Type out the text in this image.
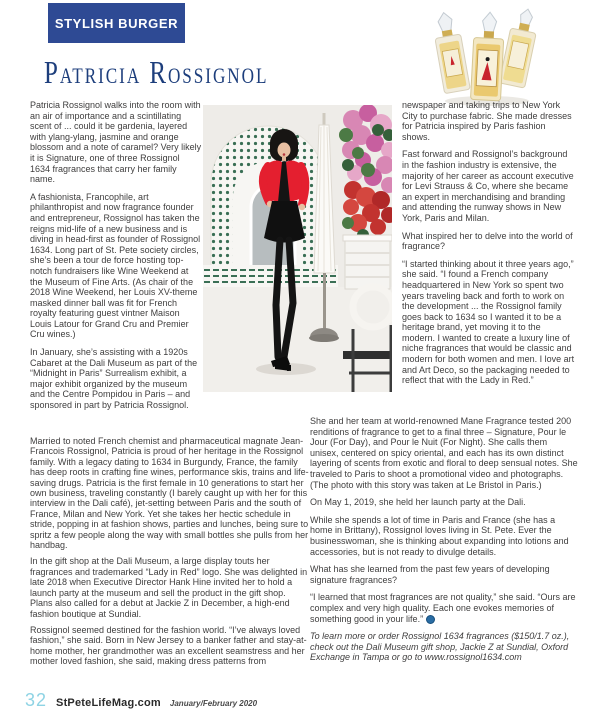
STYLISH BURGER
Patricia Rossignol

Patricia Rossignol walks into the room with an air of importance and a scintillating scent of ... could it be gardenia, layered with ylang-ylang, jasmine and orange blossom and a note of caramel? Very likely it is Signature, one of three Rossignol 1634 fragrances that carry her family name.

A fashionista, Francophile, art philanthropist and now fragrance founder and entrepreneur, Rossignol has taken the reigns mid-life of a new business and is diving in head-first as founder of Rossignol 1634. Long part of St. Pete society circles, she’s been a tour de force hosting top-notch fundraisers like Wine Weekend at the Museum of Fine Arts. (As chair of the 2018 Wine Weekend, her Louis XV-theme masked dinner ball was fit for French royalty featuring guest vintner Maison Louis Latour for Grand Cru and Premier Cru wines.)

In January, she’s assisting with a 1920s Cabaret at the Dali Museum as part of the “Midnight in Paris” Surrealism exhibit, a major exhibit organized by the museum and the Centre Pompidou in Paris – and sponsored in part by Patricia Rossignol.

newspaper and taking trips to New York City to purchase fabric. She made dresses for Patricia inspired by Paris fashion shows.

Fast forward and Rossignol’s background in the fashion industry is extensive, the majority of her career as account executive for Levi Strauss & Co, where she became an expert in merchandising and branding and attending the runway shows in New York, Paris and Milan.

What inspired her to delve into the world of fragrance?

“I started thinking about it three years ago,” she said. “I found a French company headquartered in New York so spent two years traveling back and forth to work on the development ... the Rossignol family goes back to 1634 so I wanted it to be a heritage brand, yet moving it to the modern. I wanted to create a luxury line of niche fragrances that would be classic and modern for both women and men. I love art and Art Deco, so the packaging needed to reflect that with the Lady in Red.”

Married to noted French chemist and pharmaceutical magnate Jean-Francois Rossignol, Patricia is proud of her heritage in the Rossignol family. With a legacy dating to 1634 in Burgundy, France, the family has deep roots in crafting fine wines, performance skis, trains and life-saving drugs. Patricia is the first female in 10 generations to start her own business, traveling constantly (I barely caught up with her for this interview in the Dali café), jet-setting between Paris and the south of France, Milan and New York. Yet she takes her hectic schedule in stride, popping in at fashion shows, parties and lunches, being sure to spritz a few people along the way with small bottles she pulls from her handbag.

In the gift shop at the Dali Museum, a large display touts her fragrances and trademarked “Lady in Red” logo. She was delighted in late 2018 when Executive Director Hank Hine invited her to hold a launch party at the museum and sell the product in the gift shop. Plans also called for a debut at Jackie Z in December, a high-end fashion boutique at Sundial.

Rossignol seemed destined for the fashion world. “I’ve always loved fashion,” she said. Born in New Jersey to a banker father and stay-at-home mother, her grandmother was an excellent seamstress and her mother loved fashion, she said, making dress patterns from

She and her team at world-renowned Mane Fragrance tested 200 renditions of fragrance to get to a final three – Signature, Pour le Jour (For Day), and Pour le Nuit (For Night). She calls them unisex, centered on spicy oriental, and each has its own distinct layering of scents from exotic and floral to deep sensual notes. She traveled to Paris to shoot a promotional video and photographs. (The photo with this story was taken at Le Bristol in Paris.)

On May 1, 2019, she held her launch party at the Dali.

While she spends a lot of time in Paris and France (she has a home in Brittany), Rossignol loves living in St. Pete. Ever the businesswoman, she is thinking about expanding into lotions and accessories, but is not ready to divulge details.

What has she learned from the past few years of developing signature fragrances?

“I learned that most fragrances are not quality,” she said. “Ours are complex and very high quality. Each one evokes memories of something good in your life.”

To learn more or order Rossignol 1634 fragrances ($150/1.7 oz.), check out the Dali Museum gift shop, Jackie Z at Sundial, Oxford Exchange in Tampa or go to www.rossignol1634.com

32 StPeteLifeMag.com January/February 2020
